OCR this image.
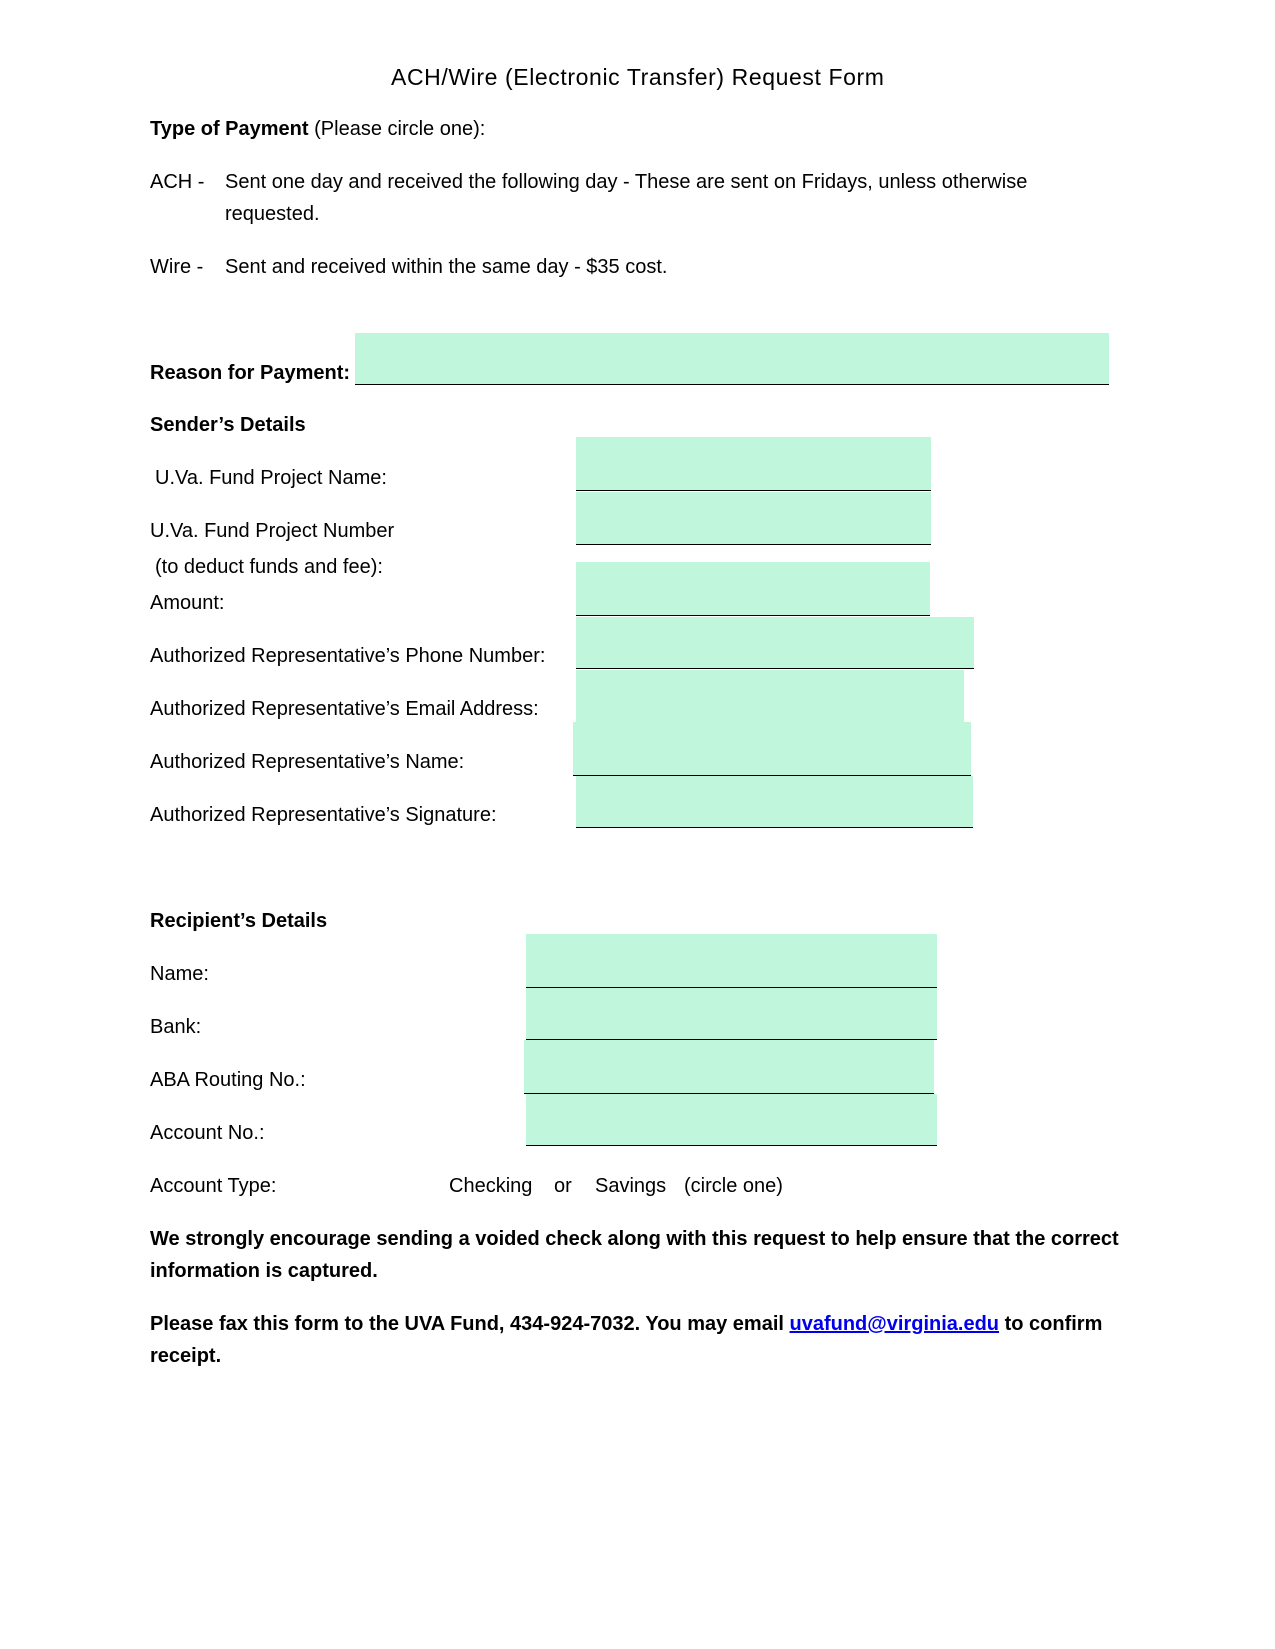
ACH/Wire (Electronic Transfer) Request Form
Type of Payment (Please circle one):
ACH - Sent one day and received the following day - These are sent on Fridays, unless otherwise
requested.
Wire - Sent and received within the same day - $35 cost.
Reason for Payment:
Sender’s Details
U.Va. Fund Project Name:
U.Va. Fund Project Number
(to deduct funds and fee):
Amount:
Authorized Representative’s Phone Number:
Authorized Representative’s Email Address:
Authorized Representative’s Name:
Authorized Representative’s Signature:
Recipient’s Details
Name:
Bank:
ABA Routing No.:
Account No.:
Account Type:	Checking or Savings (circle one)
We strongly encourage sending a voided check along with this request to help ensure that the correct
information is captured.
Please fax this form to the UVA Fund, 434-924-7032. You may email uvafund@virginia.edu to confirm
receipt.
